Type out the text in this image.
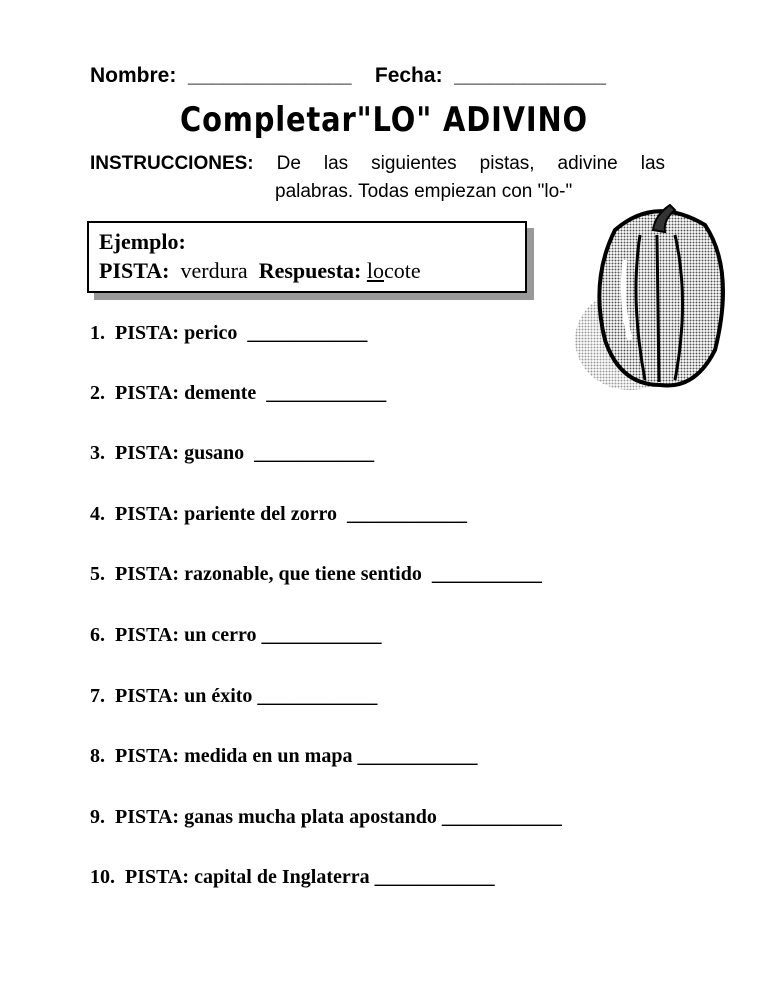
Nombre: ______________ Fecha: _____________
Completar"LO" ADIVINO
INSTRUCCIONES: De las siguientes pistas, adivine las
palabras. Todas empiezan con "lo-"
Ejemplo:
PISTA: verdura Respuesta: locote
1.  PISTA: perico  ____________
2.  PISTA: demente  ____________
3.  PISTA: gusano  ____________
4.  PISTA: pariente del zorro  ____________
5.  PISTA: razonable, que tiene sentido  ___________
6.  PISTA: un cerro ____________
7.  PISTA: un éxito ____________
8.  PISTA: medida en un mapa ____________
9.  PISTA: ganas mucha plata apostando ____________
10.  PISTA: capital de Inglaterra ____________
